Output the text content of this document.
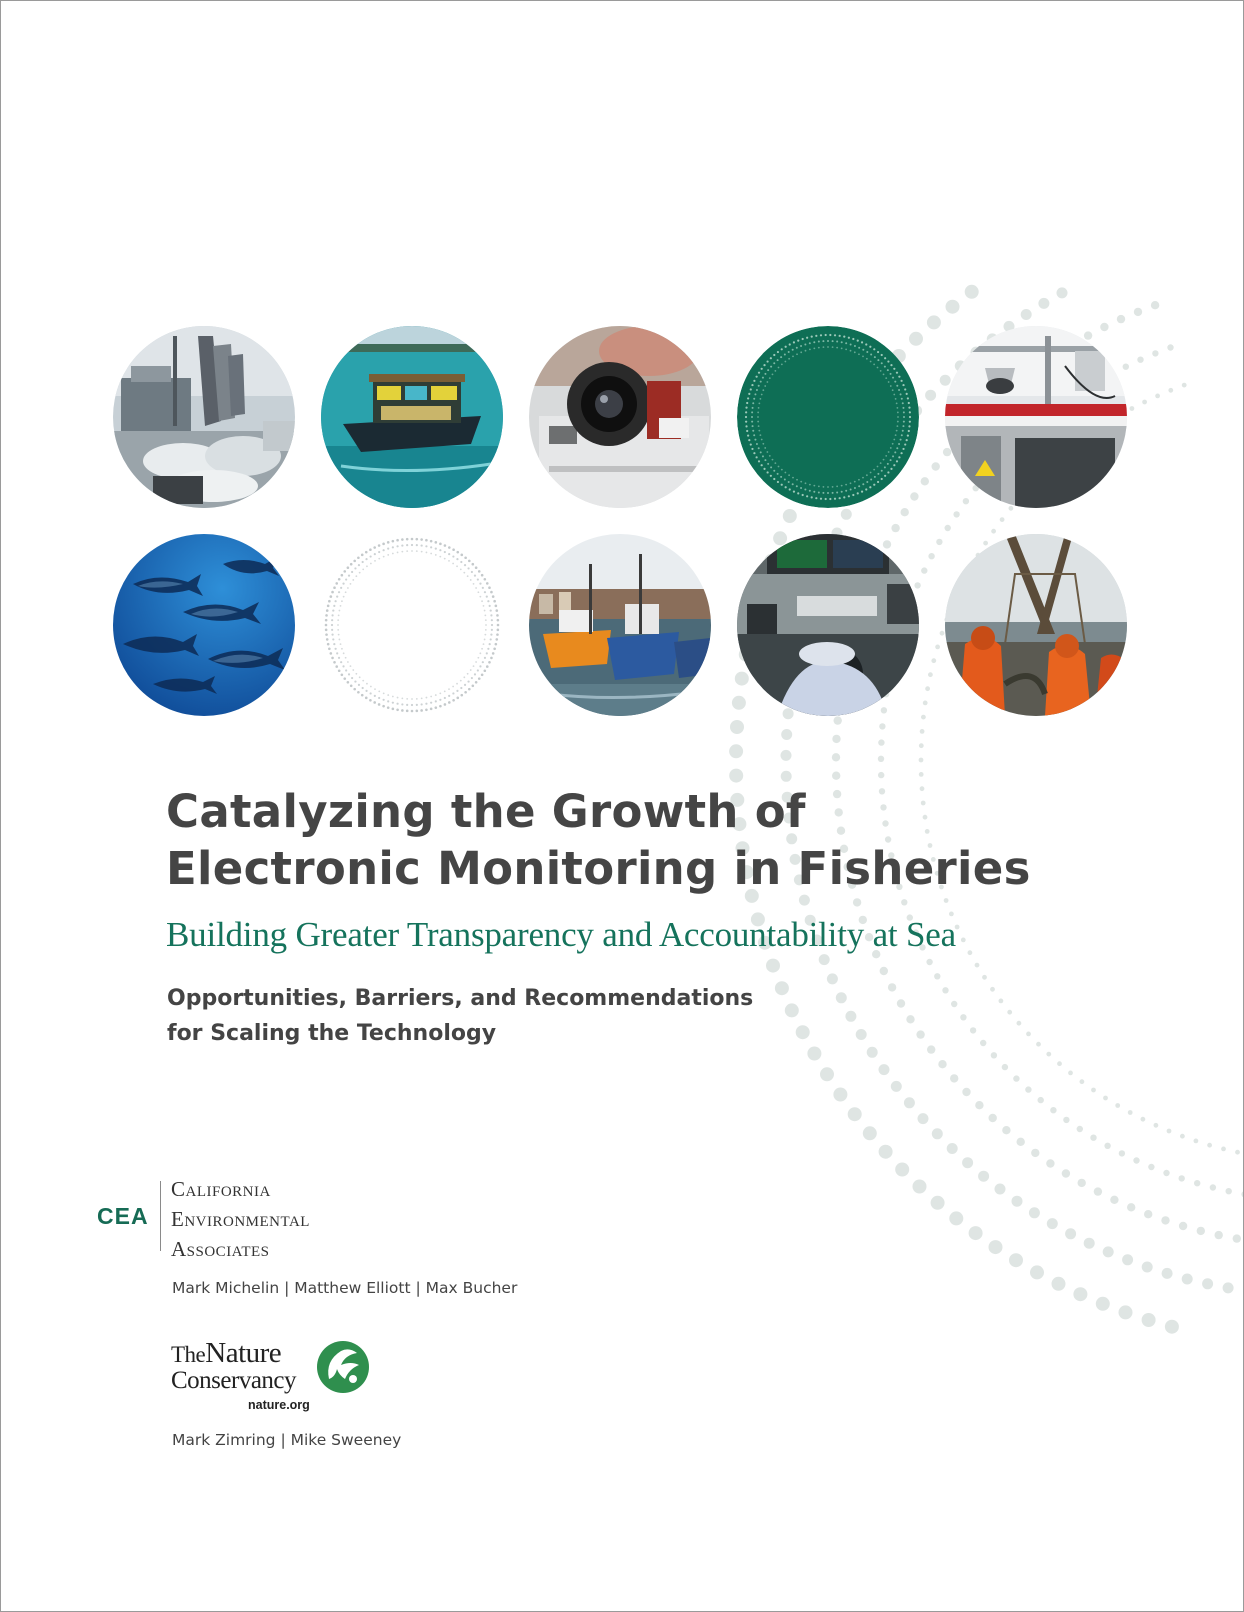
Catalyzing the Growth of
Electronic Monitoring in Fisheries
Building Greater Transparency and Accountability at Sea

Opportunities, Barriers, and Recommendations
for Scaling the Technology

CEA
California
Environmental
Associates
Mark Michelin | Matthew Elliott | Max Bucher
TheNature
Conservancy
nature.org
Mark Zimring | Mike Sweeney
